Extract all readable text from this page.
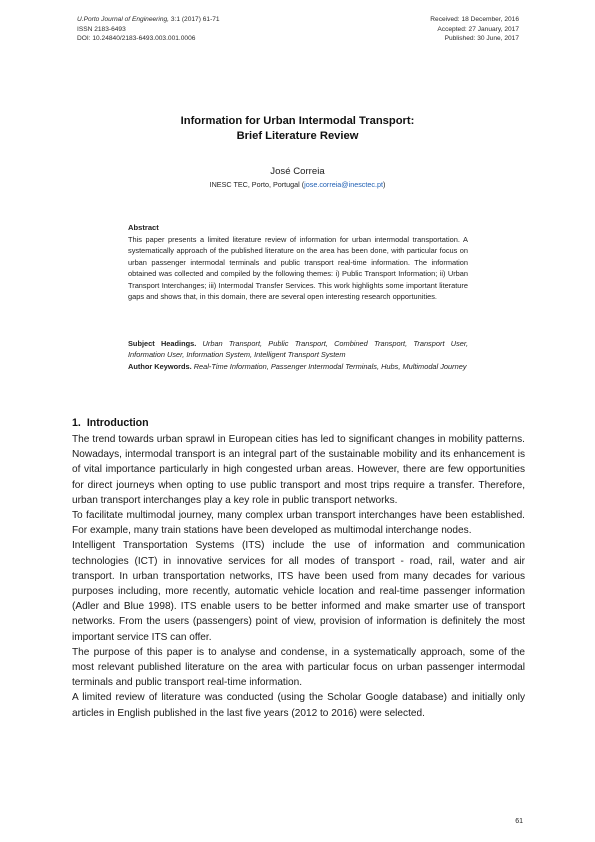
U.Porto Journal of Engineering, 3:1 (2017) 61-71
ISSN 2183-6493
DOI: 10.24840/2183-6493.003.001.0006
Received: 18 December, 2016
Accepted: 27 January, 2017
Published: 30 June, 2017
Information for Urban Intermodal Transport:
Brief Literature Review
José Correia
INESC TEC, Porto, Portugal (jose.correia@inesctec.pt)
Abstract
This paper presents a limited literature review of information for urban intermodal transportation. A systematically approach of the published literature on the area has been done, with particular focus on urban passenger intermodal terminals and public transport real-time information. The information obtained was collected and compiled by the following themes: i) Public Transport Information; ii) Urban Transport Interchanges; iii) Intermodal Transfer Services. This work highlights some important literature gaps and shows that, in this domain, there are several open interesting research opportunities.
Subject Headings. Urban Transport, Public Transport, Combined Transport, Transport User, Information User, Information System, Intelligent Transport System
Author Keywords. Real-Time Information, Passenger Intermodal Terminals, Hubs, Multimodal Journey
1. Introduction

The trend towards urban sprawl in European cities has led to significant changes in mobility patterns. Nowadays, intermodal transport is an integral part of the sustainable mobility and its enhancement is of vital importance particularly in high congested urban areas. However, there are few opportunities for direct journeys when opting to use public transport and most trips require a transfer. Therefore, urban transport interchanges play a key role in public transport networks.

To facilitate multimodal journey, many complex urban transport interchanges have been established. For example, many train stations have been developed as multimodal interchange nodes.

Intelligent Transportation Systems (ITS) include the use of information and communication technologies (ICT) in innovative services for all modes of transport - road, rail, water and air transport. In urban transportation networks, ITS have been used from many decades for various purposes including, more recently, automatic vehicle location and real-time passenger information (Adler and Blue 1998). ITS enable users to be better informed and make smarter use of transport networks. From the users (passengers) point of view, provision of information is definitely the most important service ITS can offer.

The purpose of this paper is to analyse and condense, in a systematically approach, some of the most relevant published literature on the area with particular focus on urban passenger intermodal terminals and public transport real-time information.

A limited review of literature was conducted (using the Scholar Google database) and initially only articles in English published in the last five years (2012 to 2016) were selected.

61
